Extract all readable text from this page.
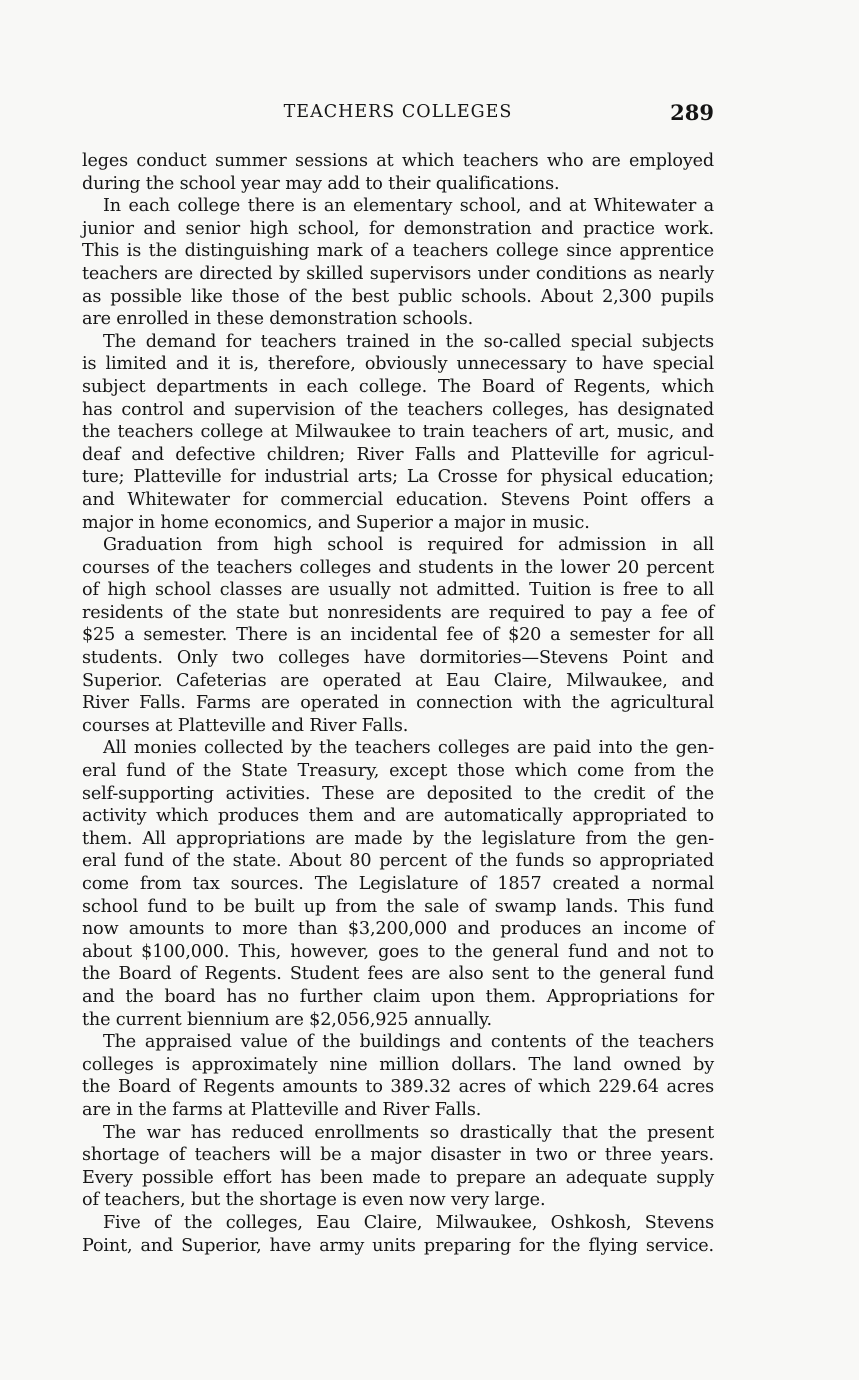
TEACHERS COLLEGES	289
leges conduct summer sessions at which teachers who are employed
during the school year may add to their qualifications.
In each college there is an elementary school, and at Whitewater a
junior and senior high school, for demonstration and practice work.
This is the distinguishing mark of a teachers college since apprentice
teachers are directed by skilled supervisors under conditions as nearly
as possible like those of the best public schools. About 2,300 pupils
are enrolled in these demonstration schools.
The demand for teachers trained in the so-called special subjects
is limited and it is, therefore, obviously unnecessary to have special
subject departments in each college. The Board of Regents, which
has control and supervision of the teachers colleges, has designated
the teachers college at Milwaukee to train teachers of art, music, and
deaf and defective children; River Falls and Platteville for agricul-
ture; Platteville for industrial arts; La Crosse for physical education;
and Whitewater for commercial education. Stevens Point offers a
major in home economics, and Superior a major in music.
Graduation from high school is required for admission in all
courses of the teachers colleges and students in the lower 20 percent
of high school classes are usually not admitted. Tuition is free to all
residents of the state but nonresidents are required to pay a fee of
$25 a semester. There is an incidental fee of $20 a semester for all
students. Only two colleges have dormitories—Stevens Point and
Superior. Cafeterias are operated at Eau Claire, Milwaukee, and
River Falls. Farms are operated in connection with the agricultural
courses at Platteville and River Falls.
All monies collected by the teachers colleges are paid into the gen-
eral fund of the State Treasury, except those which come from the
self-supporting activities. These are deposited to the credit of the
activity which produces them and are automatically appropriated to
them. All appropriations are made by the legislature from the gen-
eral fund of the state. About 80 percent of the funds so appropriated
come from tax sources. The Legislature of 1857 created a normal
school fund to be built up from the sale of swamp lands. This fund
now amounts to more than $3,200,000 and produces an income of
about $100,000. This, however, goes to the general fund and not to
the Board of Regents. Student fees are also sent to the general fund
and the board has no further claim upon them. Appropriations for
the current biennium are $2,056,925 annually.
The appraised value of the buildings and contents of the teachers
colleges is approximately nine million dollars. The land owned by
the Board of Regents amounts to 389.32 acres of which 229.64 acres
are in the farms at Platteville and River Falls.
The war has reduced enrollments so drastically that the present
shortage of teachers will be a major disaster in two or three years.
Every possible effort has been made to prepare an adequate supply
of teachers, but the shortage is even now very large.
Five of the colleges, Eau Claire, Milwaukee, Oshkosh, Stevens
Point, and Superior, have army units preparing for the flying service.
